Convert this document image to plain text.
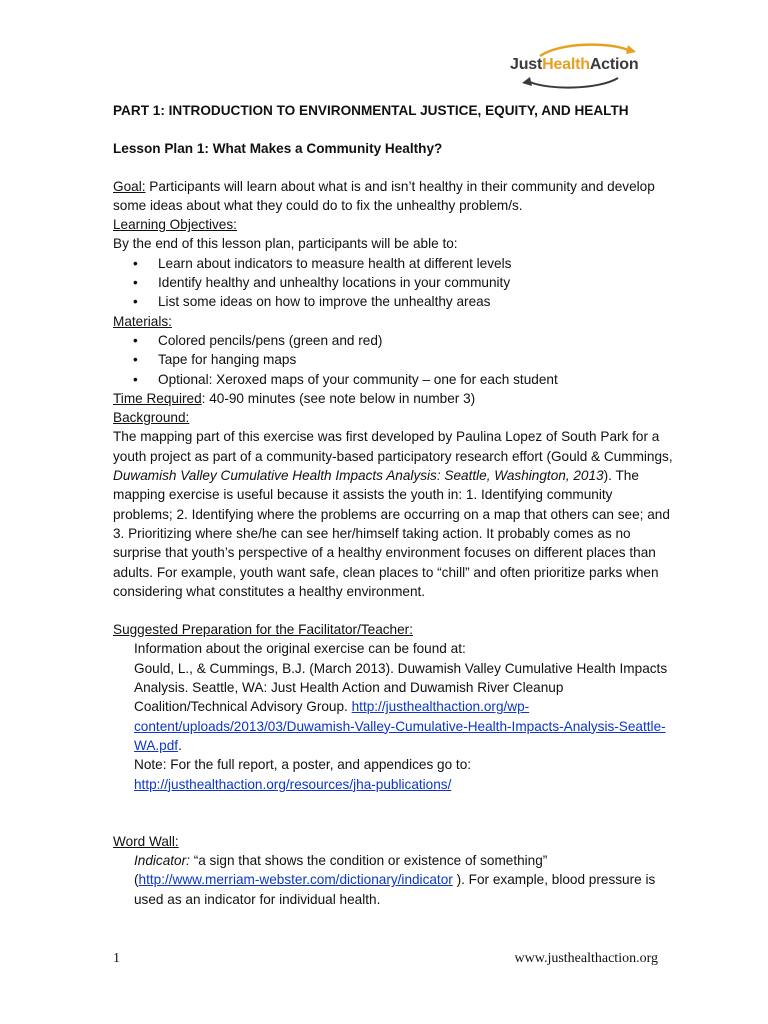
JustHealthAction

PART 1: INTRODUCTION TO ENVIRONMENTAL JUSTICE, EQUITY, AND HEALTH

Lesson Plan 1: What Makes a Community Healthy?

Goal: Participants will learn about what is and isn’t healthy in their community and develop some ideas about what they could do to fix the unhealthy problem/s.

Learning Objectives:

By the end of this lesson plan, participants will be able to:

• Learn about indicators to measure health at different levels
• Identify healthy and unhealthy locations in your community
• List some ideas on how to improve the unhealthy areas

Materials:

• Colored pencils/pens (green and red)
• Tape for hanging maps
• Optional: Xeroxed maps of your community – one for each student

Time Required: 40-90 minutes (see note below in number 3)

Background:

The mapping part of this exercise was first developed by Paulina Lopez of South Park for a youth project as part of a community-based participatory research effort (Gould & Cummings, Duwamish Valley Cumulative Health Impacts Analysis: Seattle, Washington, 2013). The mapping exercise is useful because it assists the youth in: 1. Identifying community problems; 2. Identifying where the problems are occurring on a map that others can see; and 3. Prioritizing where she/he can see her/himself taking action. It probably comes as no surprise that youth’s perspective of a healthy environment focuses on different places than adults. For example, youth want safe, clean places to “chill” and often prioritize parks when considering what constitutes a healthy environment.

Suggested Preparation for the Facilitator/Teacher:

Information about the original exercise can be found at:

Gould, L., & Cummings, B.J. (March 2013). Duwamish Valley Cumulative Health Impacts Analysis. Seattle, WA: Just Health Action and Duwamish River Cleanup Coalition/Technical Advisory Group. http://justhealthaction.org/wp-content/uploads/2013/03/Duwamish-Valley-Cumulative-Health-Impacts-Analysis-Seattle-WA.pdf.

Note: For the full report, a poster, and appendices go to:

http://justhealthaction.org/resources/jha-publications/

Word Wall:

Indicator: “a sign that shows the condition or existence of something”

(http://www.merriam-webster.com/dictionary/indicator ). For example, blood pressure is used as an indicator for individual health.

1	www.justhealthaction.org
